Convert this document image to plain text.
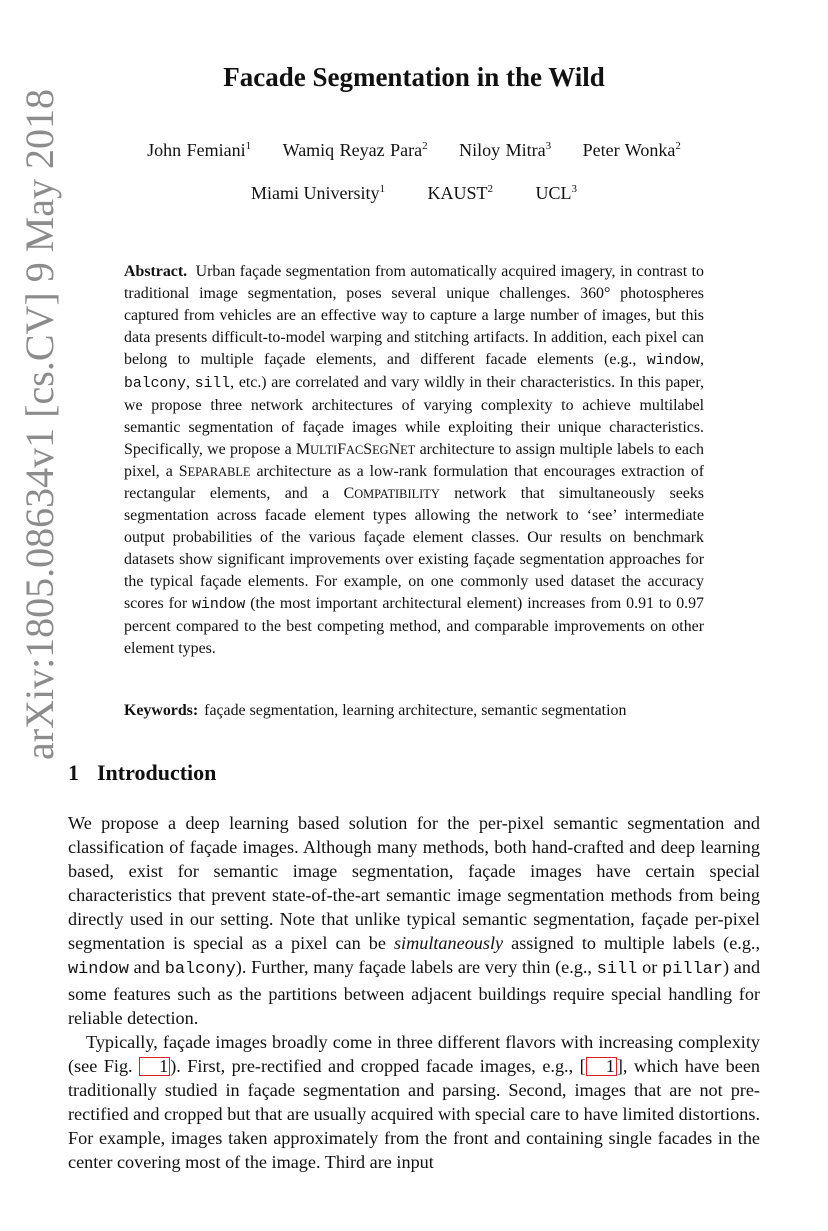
arXiv:1805.08634v1 [cs.CV] 9 May 2018
Facade Segmentation in the Wild
John Femiani$^1$ Wamiq Reyaz Para$^2$ Niloy Mitra$^3$ Peter Wonka$^2$
Miami University$^1$ KAUST$^2$ UCL$^3$
Abstract. Urban façade segmentation from automatically acquired imagery, in contrast to traditional image segmentation, poses several unique challenges. 360° photospheres captured from vehicles are an effective way to capture a large number of images, but this data presents difficult-to-model warping and stitching artifacts. In addition, each pixel can belong to multiple façade elements, and different facade elements (e.g., window, balcony, sill, etc.) are correlated and vary wildly in their characteristics. In this paper, we propose three network architectures of varying complexity to achieve multilabel semantic segmentation of façade images while exploiting their unique characteristics. Specifically, we propose a MULTIFACSEGNET architecture to assign multiple labels to each pixel, a SEPARABLE architecture as a low-rank formulation that encourages extraction of rectangular elements, and a COMPATIBILITY network that simultaneously seeks segmentation across facade element types allowing the network to ‘see’ intermediate output probabilities of the various façade element classes. Our results on benchmark datasets show significant improvements over existing façade segmentation approaches for the typical façade elements. For example, on one commonly used dataset the accuracy scores for window (the most important architectural element) increases from 0.91 to 0.97 percent compared to the best competing method, and comparable improvements on other element types.
Keywords: façade segmentation, learning architecture, semantic segmentation
1 Introduction

We propose a deep learning based solution for the per-pixel semantic segmentation and classification of façade images. Although many methods, both hand-crafted and deep learning based, exist for semantic image segmentation, façade images have certain special characteristics that prevent state-of-the-art semantic image segmentation methods from being directly used in our setting. Note that unlike typical semantic segmentation, façade per-pixel segmentation is special as a pixel can be simultaneously assigned to multiple labels (e.g., window and balcony). Further, many façade labels are very thin (e.g., sill or pillar) and some features such as the partitions between adjacent buildings require special handling for reliable detection.

Typically, façade images broadly come in three different flavors with increasing complexity (see Fig. 1 ). First, pre-rectified and cropped facade images, e.g., [ 1 ], which have been traditionally studied in façade segmentation and parsing. Second, images that are not pre-rectified and cropped but that are usually acquired with special care to have limited distortions. For example, images taken approximately from the front and containing single facades in the center covering most of the image. Third are input
